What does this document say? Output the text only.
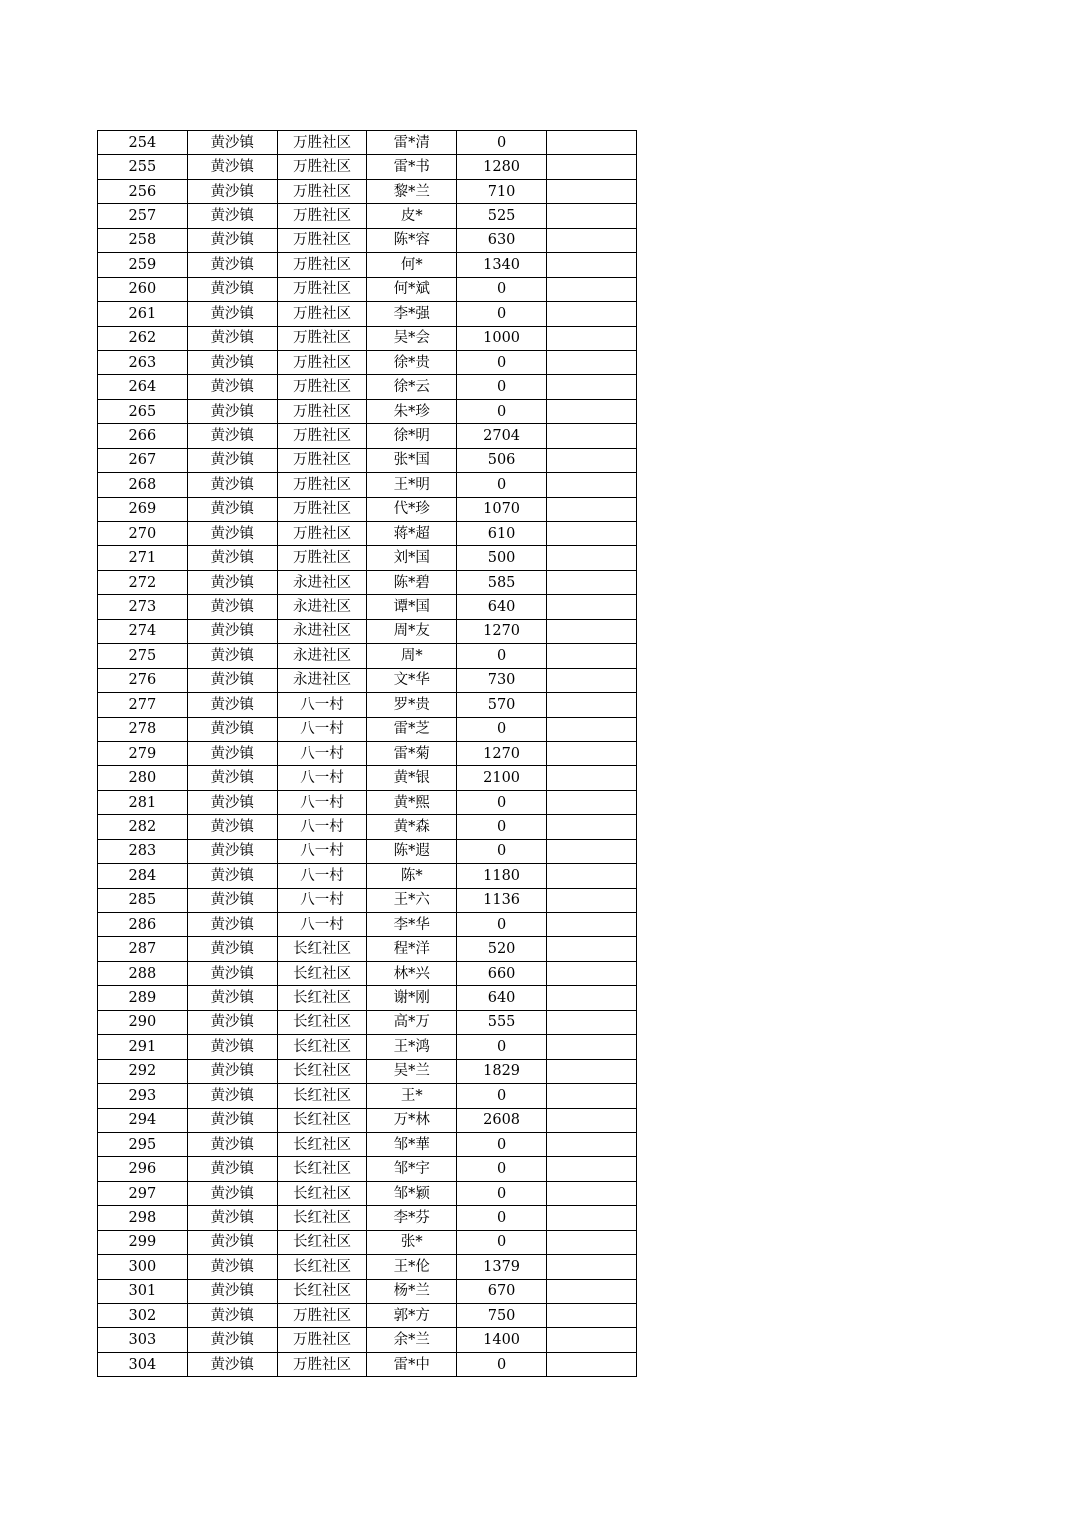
254	黄沙镇	万胜社区	雷*清	0	
255	黄沙镇	万胜社区	雷*书	1280	
256	黄沙镇	万胜社区	黎*兰	710	
257	黄沙镇	万胜社区	皮*	525	
258	黄沙镇	万胜社区	陈*容	630	
259	黄沙镇	万胜社区	何*	1340	
260	黄沙镇	万胜社区	何*斌	0	
261	黄沙镇	万胜社区	李*强	0	
262	黄沙镇	万胜社区	吴*会	1000	
263	黄沙镇	万胜社区	徐*贵	0	
264	黄沙镇	万胜社区	徐*云	0	
265	黄沙镇	万胜社区	朱*珍	0	
266	黄沙镇	万胜社区	徐*明	2704	
267	黄沙镇	万胜社区	张*国	506	
268	黄沙镇	万胜社区	王*明	0	
269	黄沙镇	万胜社区	代*珍	1070	
270	黄沙镇	万胜社区	蒋*超	610	
271	黄沙镇	万胜社区	刘*国	500	
272	黄沙镇	永进社区	陈*碧	585	
273	黄沙镇	永进社区	谭*国	640	
274	黄沙镇	永进社区	周*友	1270	
275	黄沙镇	永进社区	周*	0	
276	黄沙镇	永进社区	文*华	730	
277	黄沙镇	八一村	罗*贵	570	
278	黄沙镇	八一村	雷*芝	0	
279	黄沙镇	八一村	雷*菊	1270	
280	黄沙镇	八一村	黄*银	2100	
281	黄沙镇	八一村	黄*熙	0	
282	黄沙镇	八一村	黄*森	0	
283	黄沙镇	八一村	陈*遐	0	
284	黄沙镇	八一村	陈*	1180	
285	黄沙镇	八一村	王*六	1136	
286	黄沙镇	八一村	李*华	0	
287	黄沙镇	长红社区	程*洋	520	
288	黄沙镇	长红社区	林*兴	660	
289	黄沙镇	长红社区	谢*刚	640	
290	黄沙镇	长红社区	高*万	555	
291	黄沙镇	长红社区	王*鸿	0	
292	黄沙镇	长红社区	吴*兰	1829	
293	黄沙镇	长红社区	王*	0	
294	黄沙镇	长红社区	万*林	2608	
295	黄沙镇	长红社区	邹*華	0	
296	黄沙镇	长红社区	邹*宇	0	
297	黄沙镇	长红社区	邹*颖	0	
298	黄沙镇	长红社区	李*芬	0	
299	黄沙镇	长红社区	张*	0	
300	黄沙镇	长红社区	王*伦	1379	
301	黄沙镇	长红社区	杨*兰	670	
302	黄沙镇	万胜社区	郭*方	750	
303	黄沙镇	万胜社区	余*兰	1400	
304	黄沙镇	万胜社区	雷*中	0	
